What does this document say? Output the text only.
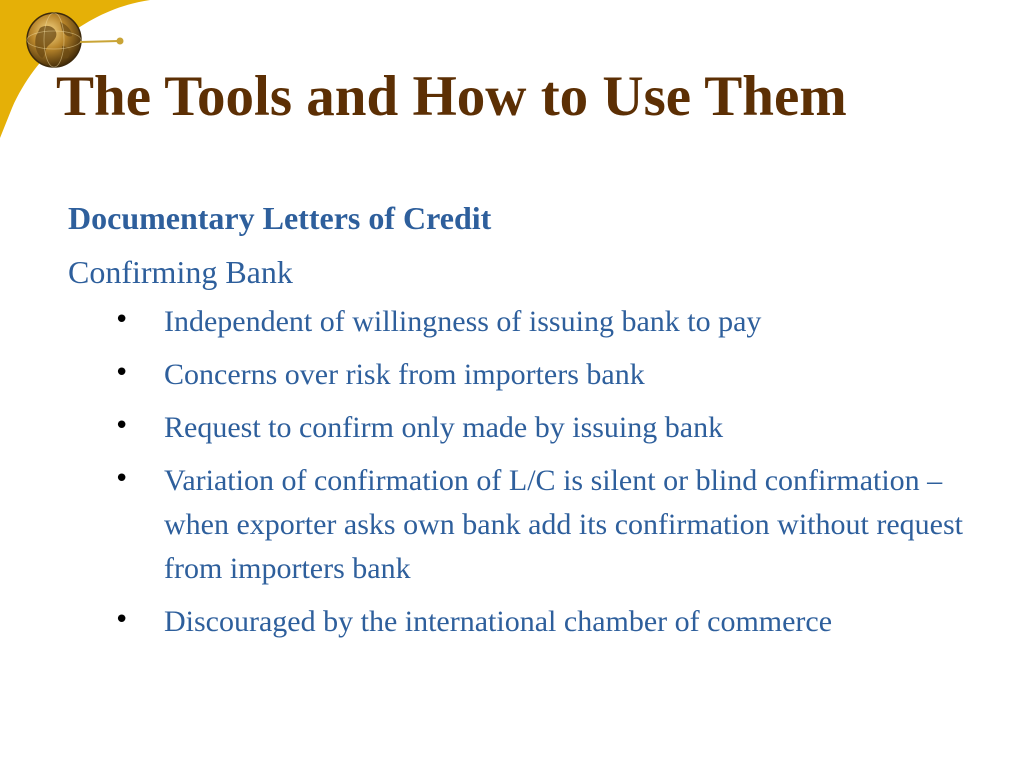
The Tools and How to Use Them
Documentary Letters of Credit
Confirming Bank
• Independent of willingness of issuing bank to pay
• Concerns over risk from importers bank
• Request to confirm only made by issuing bank
• Variation of confirmation of L/C is silent or blind confirmation – when exporter asks own bank add its confirmation without request from importers bank
• Discouraged by the international chamber of commerce
